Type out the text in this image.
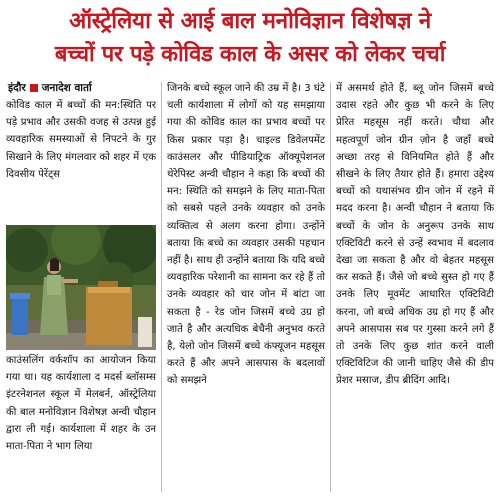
ऑस्ट्रेलिया से आई बाल मनोविज्ञान विशेषज्ञ ने
बच्चों पर पड़े कोविड काल के असर को लेकर चर्चा
इंदौर जनादेश वार्ता

कोविड काल में बच्चों की मन:स्थिति पर पड़े प्रभाव और उसकी वजह से उत्पन्न हुई व्यवहारिक समस्याओं से निपटने के गुर सिखाने के लिए मंगलवार को शहर में एक दिवसीय पेरेंट्स

काउंसलिंग वर्कशॉप का आयोजन किया गया था। यह कार्यशाला द मदर्स ब्लॉसम्स इंटरनेशनल स्कूल में मेलबर्न, ऑस्ट्रेलिया की बाल मनोविज्ञान विशेषज्ञ अन्वी चौहान द्वारा ली गई। कार्यशाला में शहर के उन माता-पिता ने भाग लिया

जिनके बच्चे स्कूल जाने की उम्र में है। 3 घंटे चली कार्यशाला में लोगों को यह समझाया गया की कोविड काल का प्रभाव बच्चों पर किस प्रकार पड़ा है। चाइल्ड डिवेलपमेंट काउंसलर और पीडियाट्रिक ऑक्यूपेशनल थेरेपिस्ट अन्वी चौहान ने कहा कि बच्चों की मन: स्थिति को समझने के लिए माता-पिता को सबसे पहले उनके व्यवहार को उनके व्यक्तित्व से अलग करना होगा। उन्होंने बताया कि बच्चे का व्यवहार उसकी पहचान नहीं है। साथ ही उन्होंने बताया कि यदि बच्चे व्यवहारिक परेशानी का सामना कर रहे हैं तो उनके व्यवहार को चार जोन में बांटा जा सकता है - रेड जोन जिसमें बच्चे उग्र हो जाते है और अत्यधिक बेचैनी अनुभव करते है, येलो जोन जिसमें बच्चे कंफ्यूजन महसूस करते हैं और अपने आसपास के बदलावों को समझने

में असमर्थ होते हैं, ब्लू जोन जिसमें बच्चे उदास रहते और कुछ भी करने के लिए प्रेरित महसूस नहीं करते। चौथा और महत्वपूर्ण जोन ग्रीन ज़ोन है जहाँ बच्चे अच्छा तरह से विनियमित होते हैं और सीखने के लिए तैयार होते हैं। हमारा उद्देश्य बच्चों को यथासंभव ग्रीन जोन में रहने में मदद करना है। अन्वी चौहान ने बताया कि बच्चों के जोन के अनुरूप उनके साथ एक्टिविटी करने से उन्हें स्वभाव में बदलाव देखा जा सकता है और वो बेहतर महसूस कर सकते हैं। जैसे जो बच्चे सुस्त हो गए हैं उनके लिए मूवमेंट आधारित एक्टिविटी करना, जो बच्चे अधिक उग्र हो गए हैं और अपने आसपास सब पर गुस्सा करने लगे हैं तो उनके लिए कुछ शांत करने वाली एक्टिविटिज की जानी चाहिए जैसे की डीप प्रेशर मसाज, डीप ब्रीदिंग आदि।
